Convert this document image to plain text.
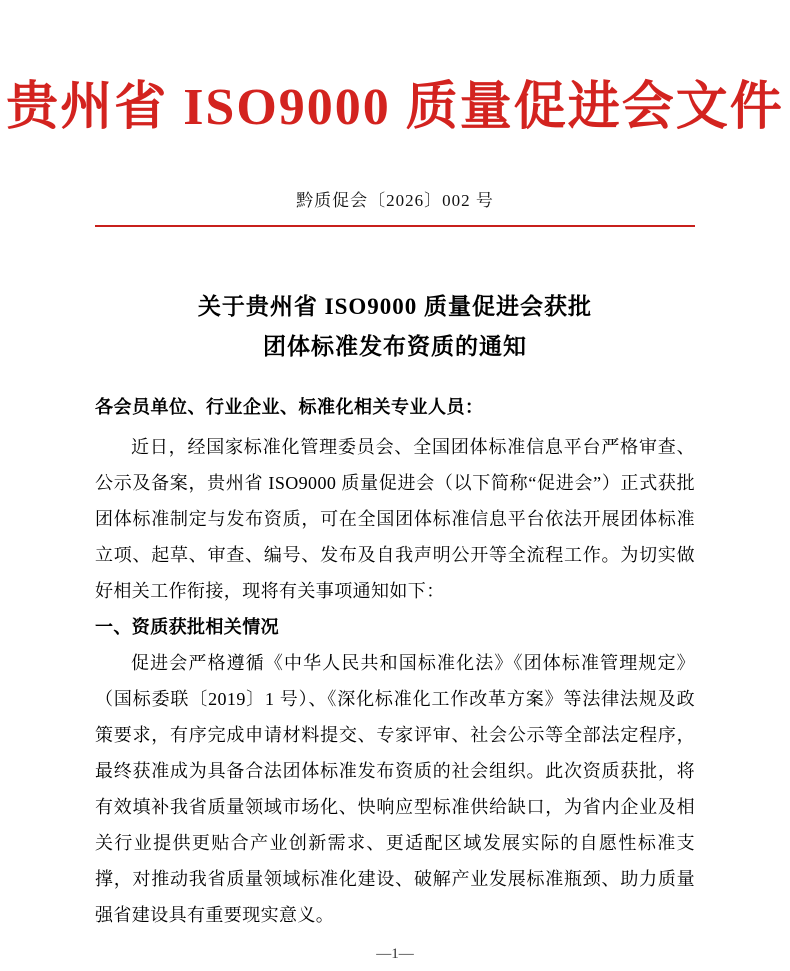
贵州省 ISO9000 质量促进会文件
黔质促会〔2026〕002 号
关于贵州省 ISO9000 质量促进会获批
团体标准发布资质的通知
各会员单位、行业企业、标准化相关专业人员：

近日，经国家标准化管理委员会、全国团体标准信息平台严格审查、公示及备案，贵州省 ISO9000 质量促进会（以下简称“促进会”）正式获批团体标准制定与发布资质，可在全国团体标准信息平台依法开展团体标准立项、起草、审查、编号、发布及自我声明公开等全流程工作。为切实做好相关工作衔接，现将有关事项通知如下：

一、资质获批相关情况

促进会严格遵循《中华人民共和国标准化法》《团体标准管理规定》（国标委联〔2019〕1 号）、《深化标准化工作改革方案》等法律法规及政策要求，有序完成申请材料提交、专家评审、社会公示等全部法定程序，最终获准成为具备合法团体标准发布资质的社会组织。此次资质获批，将有效填补我省质量领域市场化、快响应型标准供给缺口，为省内企业及相关行业提供更贴合产业创新需求、更适配区域发展实际的自愿性标准支撑，对推动我省质量领域标准化建设、破解产业发展标准瓶颈、助力质量强省建设具有重要现实意义。

—1—
